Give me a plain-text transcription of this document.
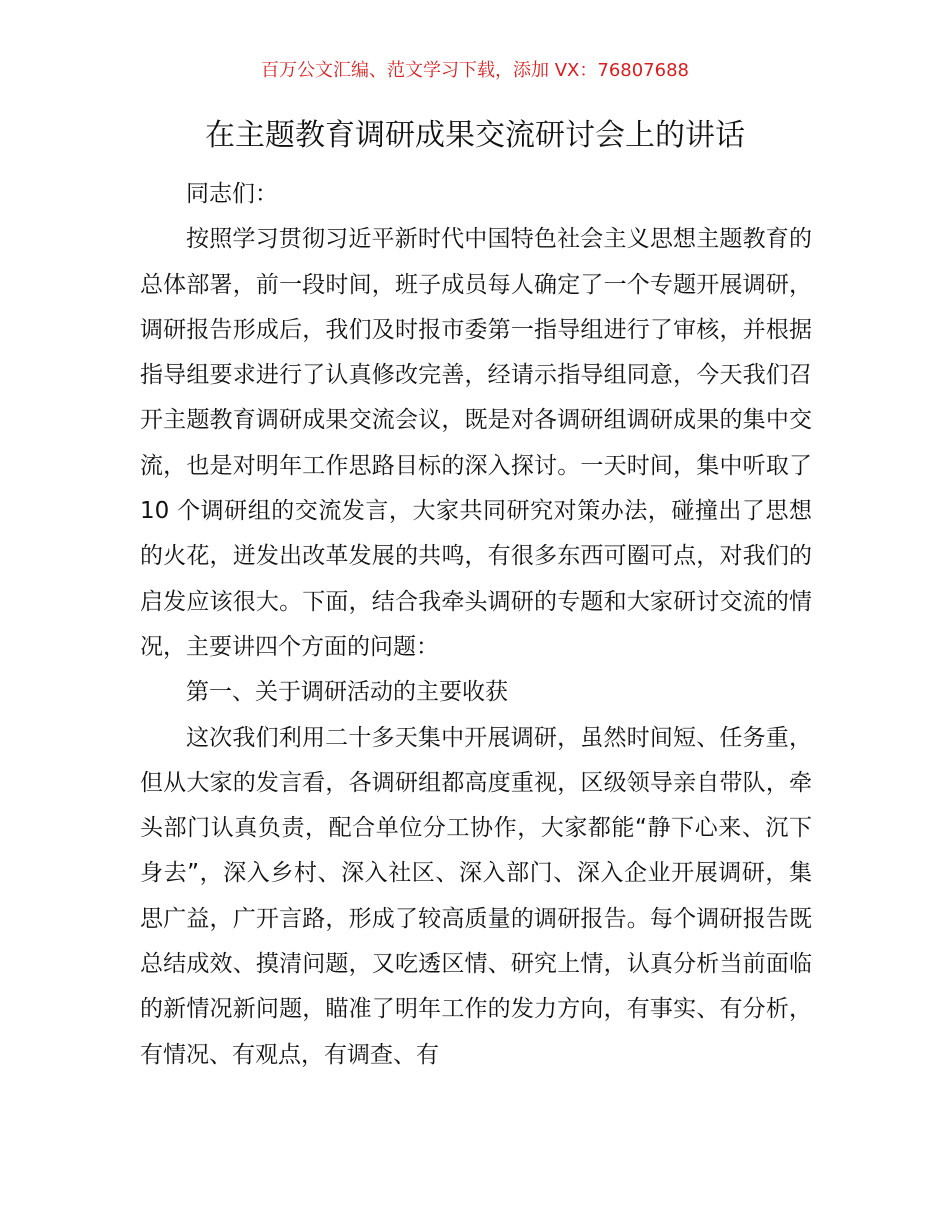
百万公文汇编、范文学习下载，添加 VX：76807688
在主题教育调研成果交流研讨会上的讲话

同志们：

按照学习贯彻习近平新时代中国特色社会主义思想主题教育的总体部署，前一段时间，班子成员每人确定了一个专题开展调研，调研报告形成后，我们及时报市委第一指导组进行了审核，并根据指导组要求进行了认真修改完善，经请示指导组同意，今天我们召开主题教育调研成果交流会议，既是对各调研组调研成果的集中交流，也是对明年工作思路目标的深入探讨。一天时间，集中听取了 10 个调研组的交流发言，大家共同研究对策办法，碰撞出了思想的火花，迸发出改革发展的共鸣，有很多东西可圈可点，对我们的启发应该很大。下面，结合我牵头调研的专题和大家研讨交流的情况，主要讲四个方面的问题：

第一、关于调研活动的主要收获

这次我们利用二十多天集中开展调研，虽然时间短、任务重，但从大家的发言看，各调研组都高度重视，区级领导亲自带队，牵头部门认真负责，配合单位分工协作，大家都能“静下心来、沉下身去”，深入乡村、深入社区、深入部门、深入企业开展调研，集思广益，广开言路，形成了较高质量的调研报告。每个调研报告既总结成效、摸清问题，又吃透区情、研究上情，认真分析当前面临的新情况新问题，瞄准了明年工作的发力方向，有事实、有分析，有情况、有观点，有调查、有
